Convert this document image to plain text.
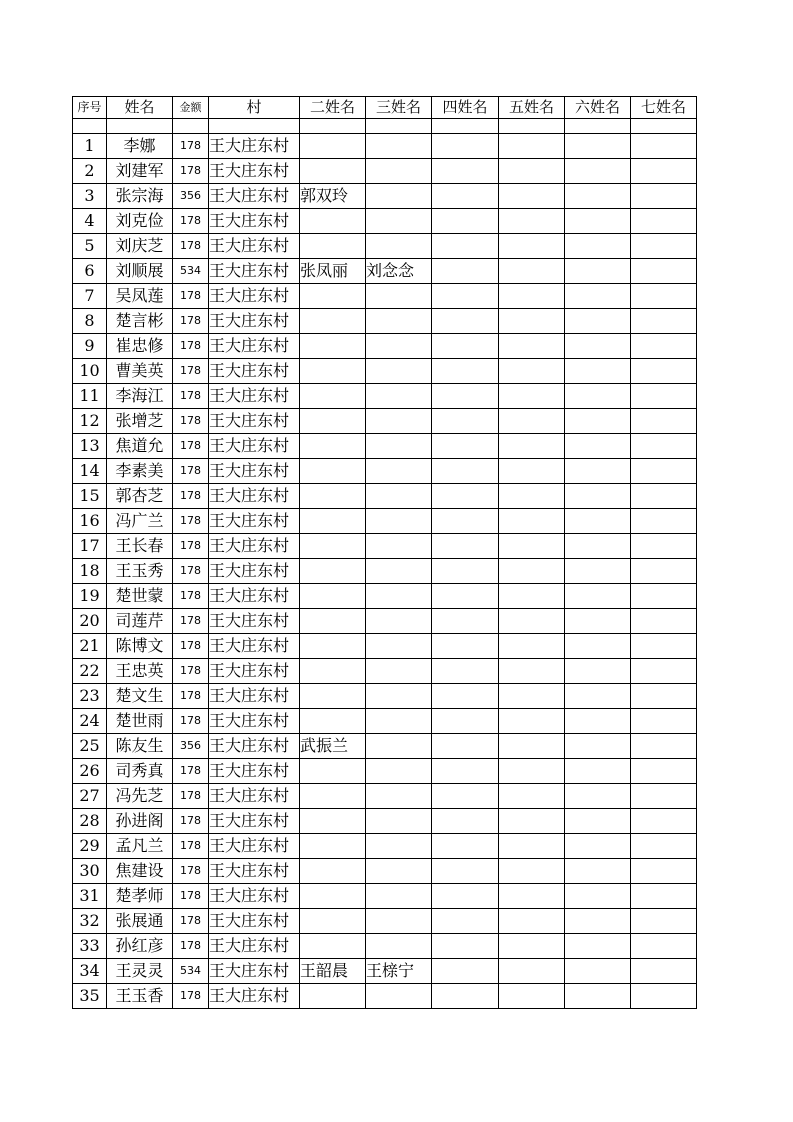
序号	姓名	金额	村	二姓名	三姓名	四姓名	五姓名	六姓名	七姓名

1	李娜	178	王大庄东村						
2	刘建军	178	王大庄东村						
3	张宗海	356	王大庄东村	郭双玲					
4	刘克俭	178	王大庄东村						
5	刘庆芝	178	王大庄东村						
6	刘顺展	534	王大庄东村	张凤丽	刘念念				
7	吴凤莲	178	王大庄东村						
8	楚言彬	178	王大庄东村						
9	崔忠修	178	王大庄东村						
10	曹美英	178	王大庄东村						
11	李海江	178	王大庄东村						
12	张增芝	178	王大庄东村						
13	焦道允	178	王大庄东村						
14	李素美	178	王大庄东村						
15	郭杏芝	178	王大庄东村						
16	冯广兰	178	王大庄东村						
17	王长春	178	王大庄东村						
18	王玉秀	178	王大庄东村						
19	楚世蒙	178	王大庄东村						
20	司莲芹	178	王大庄东村						
21	陈博文	178	王大庄东村						
22	王忠英	178	王大庄东村						
23	楚文生	178	王大庄东村						
24	楚世雨	178	王大庄东村						
25	陈友生	356	王大庄东村	武振兰					
26	司秀真	178	王大庄东村						
27	冯先芝	178	王大庄东村						
28	孙进阁	178	王大庄东村						
29	孟凡兰	178	王大庄东村						
30	焦建设	178	王大庄东村						
31	楚孝师	178	王大庄东村						
32	张展通	178	王大庄东村						
33	孙红彦	178	王大庄东村						
34	王灵灵	534	王大庄东村	王韶晨	王榇宁				
35	王玉香	178	王大庄东村						
